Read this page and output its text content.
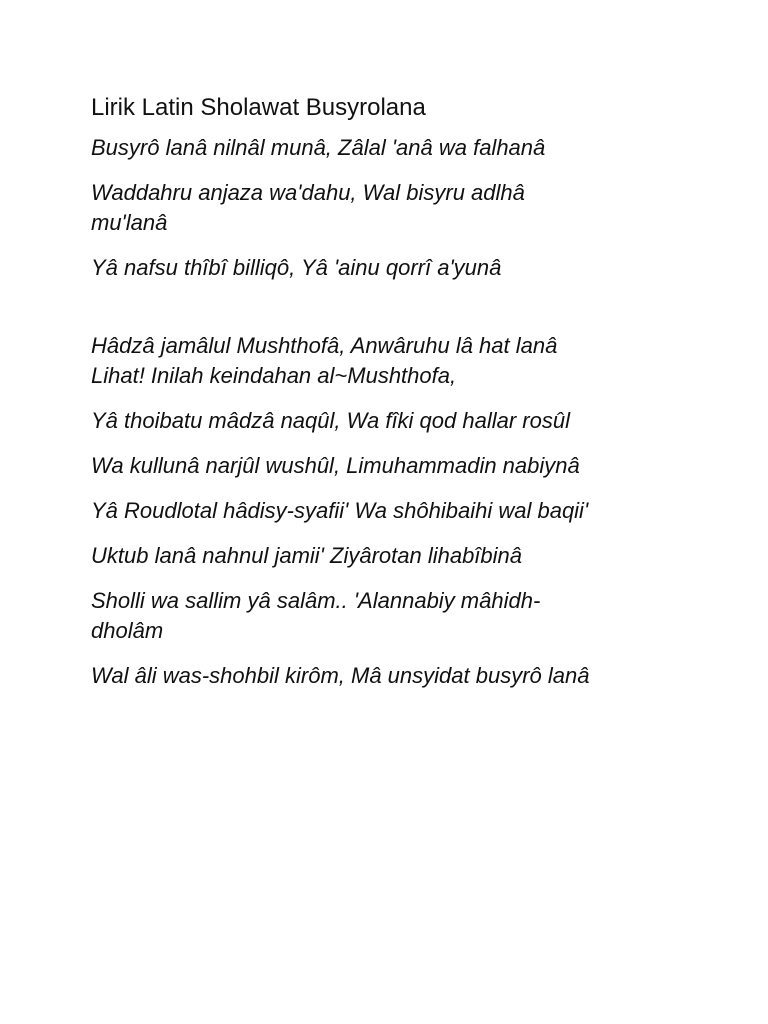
Lirik Latin Sholawat Busyrolana

Busyrô lanâ nilnâl munâ, Zâlal 'anâ wa falhanâ

Waddahru anjaza wa'dahu, Wal bisyru adlhâ
mu'lanâ

Yâ nafsu thîbî billiqô, Yâ 'ainu qorrî a'yunâ

Hâdzâ jamâlul Mushthofâ, Anwâruhu lâ hat lanâ
Lihat! Inilah keindahan al~Mushthofa,

Yâ thoibatu mâdzâ naqûl, Wa fîki qod hallar rosûl

Wa kullunâ narjûl wushûl, Limuhammadin nabiynâ

Yâ Roudlotal hâdisy-syafii' Wa shôhibaihi wal baqii'

Uktub lanâ nahnul jamii' Ziyârotan lihabîbinâ

Sholli wa sallim yâ salâm.. 'Alannabiy mâhidh-
dholâm

Wal âli was-shohbil kirôm, Mâ unsyidat busyrô lanâ
